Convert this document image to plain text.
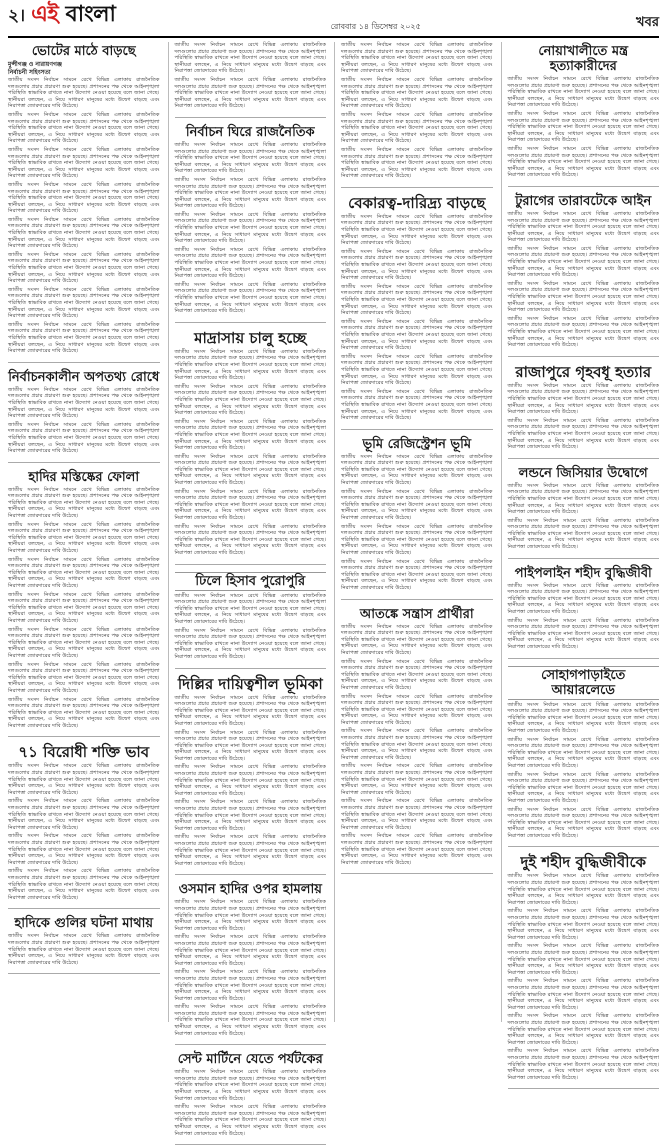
২। এই বাংলা	রোববার ১৪ ডিসেম্বর ২০২৫	খবর
ভোটের মাঠে বাড়ছে
মুন্সীগঞ্জ ও নারায়ণগঞ্জ
নির্বাচনী সহিংসতা

জাতীয় সংসদ নির্বাচন সামনে রেখে বিভিন্ন এলাকায় রাজনৈতিক দলগুলোর প্রচার প্রচারণা শুরু হয়েছে। প্রশাসনের পক্ষ থেকে আইনশৃঙ্খলা পরিস্থিতি স্বাভাবিক রাখতে নানা উদ্যোগ নেওয়া হয়েছে বলে জানা গেছে। স্থানীয়রা বলছেন, এ নিয়ে সাধারণ মানুষের মধ্যে উদ্বেগ বাড়ছে এবং নিরাপত্তা জোরদারের দাবি উঠেছে।

জাতীয় সংসদ নির্বাচন সামনে রেখে বিভিন্ন এলাকায় রাজনৈতিক দলগুলোর প্রচার প্রচারণা শুরু হয়েছে। প্রশাসনের পক্ষ থেকে আইনশৃঙ্খলা পরিস্থিতি স্বাভাবিক রাখতে নানা উদ্যোগ নেওয়া হয়েছে বলে জানা গেছে। স্থানীয়রা বলছেন, এ নিয়ে সাধারণ মানুষের মধ্যে উদ্বেগ বাড়ছে এবং নিরাপত্তা জোরদারের দাবি উঠেছে।

জাতীয় সংসদ নির্বাচন সামনে রেখে বিভিন্ন এলাকায় রাজনৈতিক দলগুলোর প্রচার প্রচারণা শুরু হয়েছে। প্রশাসনের পক্ষ থেকে আইনশৃঙ্খলা পরিস্থিতি স্বাভাবিক রাখতে নানা উদ্যোগ নেওয়া হয়েছে বলে জানা গেছে। স্থানীয়রা বলছেন, এ নিয়ে সাধারণ মানুষের মধ্যে উদ্বেগ বাড়ছে এবং নিরাপত্তা জোরদারের দাবি উঠেছে।

জাতীয় সংসদ নির্বাচন সামনে রেখে বিভিন্ন এলাকায় রাজনৈতিক দলগুলোর প্রচার প্রচারণা শুরু হয়েছে। প্রশাসনের পক্ষ থেকে আইনশৃঙ্খলা পরিস্থিতি স্বাভাবিক রাখতে নানা উদ্যোগ নেওয়া হয়েছে বলে জানা গেছে। স্থানীয়রা বলছেন, এ নিয়ে সাধারণ মানুষের মধ্যে উদ্বেগ বাড়ছে এবং নিরাপত্তা জোরদারের দাবি উঠেছে।

জাতীয় সংসদ নির্বাচন সামনে রেখে বিভিন্ন এলাকায় রাজনৈতিক দলগুলোর প্রচার প্রচারণা শুরু হয়েছে। প্রশাসনের পক্ষ থেকে আইনশৃঙ্খলা পরিস্থিতি স্বাভাবিক রাখতে নানা উদ্যোগ নেওয়া হয়েছে বলে জানা গেছে। স্থানীয়রা বলছেন, এ নিয়ে সাধারণ মানুষের মধ্যে উদ্বেগ বাড়ছে এবং নিরাপত্তা জোরদারের দাবি উঠেছে।

জাতীয় সংসদ নির্বাচন সামনে রেখে বিভিন্ন এলাকায় রাজনৈতিক দলগুলোর প্রচার প্রচারণা শুরু হয়েছে। প্রশাসনের পক্ষ থেকে আইনশৃঙ্খলা পরিস্থিতি স্বাভাবিক রাখতে নানা উদ্যোগ নেওয়া হয়েছে বলে জানা গেছে। স্থানীয়রা বলছেন, এ নিয়ে সাধারণ মানুষের মধ্যে উদ্বেগ বাড়ছে এবং নিরাপত্তা জোরদারের দাবি উঠেছে।

জাতীয় সংসদ নির্বাচন সামনে রেখে বিভিন্ন এলাকায় রাজনৈতিক দলগুলোর প্রচার প্রচারণা শুরু হয়েছে। প্রশাসনের পক্ষ থেকে আইনশৃঙ্খলা পরিস্থিতি স্বাভাবিক রাখতে নানা উদ্যোগ নেওয়া হয়েছে বলে জানা গেছে। স্থানীয়রা বলছেন, এ নিয়ে সাধারণ মানুষের মধ্যে উদ্বেগ বাড়ছে এবং নিরাপত্তা জোরদারের দাবি উঠেছে।

জাতীয় সংসদ নির্বাচন সামনে রেখে বিভিন্ন এলাকায় রাজনৈতিক দলগুলোর প্রচার প্রচারণা শুরু হয়েছে। প্রশাসনের পক্ষ থেকে আইনশৃঙ্খলা পরিস্থিতি স্বাভাবিক রাখতে নানা উদ্যোগ নেওয়া হয়েছে বলে জানা গেছে। স্থানীয়রা বলছেন, এ নিয়ে সাধারণ মানুষের মধ্যে উদ্বেগ বাড়ছে এবং নিরাপত্তা জোরদারের দাবি উঠেছে।

নির্বাচনকালীন অপতথ্য রোধে

জাতীয় সংসদ নির্বাচন সামনে রেখে বিভিন্ন এলাকায় রাজনৈতিক দলগুলোর প্রচার প্রচারণা শুরু হয়েছে। প্রশাসনের পক্ষ থেকে আইনশৃঙ্খলা পরিস্থিতি স্বাভাবিক রাখতে নানা উদ্যোগ নেওয়া হয়েছে বলে জানা গেছে। স্থানীয়রা বলছেন, এ নিয়ে সাধারণ মানুষের মধ্যে উদ্বেগ বাড়ছে এবং নিরাপত্তা জোরদারের দাবি উঠেছে।

জাতীয় সংসদ নির্বাচন সামনে রেখে বিভিন্ন এলাকায় রাজনৈতিক দলগুলোর প্রচার প্রচারণা শুরু হয়েছে। প্রশাসনের পক্ষ থেকে আইনশৃঙ্খলা পরিস্থিতি স্বাভাবিক রাখতে নানা উদ্যোগ নেওয়া হয়েছে বলে জানা গেছে। স্থানীয়রা বলছেন, এ নিয়ে সাধারণ মানুষের মধ্যে উদ্বেগ বাড়ছে এবং নিরাপত্তা জোরদারের দাবি উঠেছে।

হাদির মস্তিষ্কের ফোলা

জাতীয় সংসদ নির্বাচন সামনে রেখে বিভিন্ন এলাকায় রাজনৈতিক দলগুলোর প্রচার প্রচারণা শুরু হয়েছে। প্রশাসনের পক্ষ থেকে আইনশৃঙ্খলা পরিস্থিতি স্বাভাবিক রাখতে নানা উদ্যোগ নেওয়া হয়েছে বলে জানা গেছে। স্থানীয়রা বলছেন, এ নিয়ে সাধারণ মানুষের মধ্যে উদ্বেগ বাড়ছে এবং নিরাপত্তা জোরদারের দাবি উঠেছে।

জাতীয় সংসদ নির্বাচন সামনে রেখে বিভিন্ন এলাকায় রাজনৈতিক দলগুলোর প্রচার প্রচারণা শুরু হয়েছে। প্রশাসনের পক্ষ থেকে আইনশৃঙ্খলা পরিস্থিতি স্বাভাবিক রাখতে নানা উদ্যোগ নেওয়া হয়েছে বলে জানা গেছে। স্থানীয়রা বলছেন, এ নিয়ে সাধারণ মানুষের মধ্যে উদ্বেগ বাড়ছে এবং নিরাপত্তা জোরদারের দাবি উঠেছে।

জাতীয় সংসদ নির্বাচন সামনে রেখে বিভিন্ন এলাকায় রাজনৈতিক দলগুলোর প্রচার প্রচারণা শুরু হয়েছে। প্রশাসনের পক্ষ থেকে আইনশৃঙ্খলা পরিস্থিতি স্বাভাবিক রাখতে নানা উদ্যোগ নেওয়া হয়েছে বলে জানা গেছে। স্থানীয়রা বলছেন, এ নিয়ে সাধারণ মানুষের মধ্যে উদ্বেগ বাড়ছে এবং নিরাপত্তা জোরদারের দাবি উঠেছে।

জাতীয় সংসদ নির্বাচন সামনে রেখে বিভিন্ন এলাকায় রাজনৈতিক দলগুলোর প্রচার প্রচারণা শুরু হয়েছে। প্রশাসনের পক্ষ থেকে আইনশৃঙ্খলা পরিস্থিতি স্বাভাবিক রাখতে নানা উদ্যোগ নেওয়া হয়েছে বলে জানা গেছে। স্থানীয়রা বলছেন, এ নিয়ে সাধারণ মানুষের মধ্যে উদ্বেগ বাড়ছে এবং নিরাপত্তা জোরদারের দাবি উঠেছে।

জাতীয় সংসদ নির্বাচন সামনে রেখে বিভিন্ন এলাকায় রাজনৈতিক দলগুলোর প্রচার প্রচারণা শুরু হয়েছে। প্রশাসনের পক্ষ থেকে আইনশৃঙ্খলা পরিস্থিতি স্বাভাবিক রাখতে নানা উদ্যোগ নেওয়া হয়েছে বলে জানা গেছে। স্থানীয়রা বলছেন, এ নিয়ে সাধারণ মানুষের মধ্যে উদ্বেগ বাড়ছে এবং নিরাপত্তা জোরদারের দাবি উঠেছে।

জাতীয় সংসদ নির্বাচন সামনে রেখে বিভিন্ন এলাকায় রাজনৈতিক দলগুলোর প্রচার প্রচারণা শুরু হয়েছে। প্রশাসনের পক্ষ থেকে আইনশৃঙ্খলা পরিস্থিতি স্বাভাবিক রাখতে নানা উদ্যোগ নেওয়া হয়েছে বলে জানা গেছে। স্থানীয়রা বলছেন, এ নিয়ে সাধারণ মানুষের মধ্যে উদ্বেগ বাড়ছে এবং নিরাপত্তা জোরদারের দাবি উঠেছে।

জাতীয় সংসদ নির্বাচন সামনে রেখে বিভিন্ন এলাকায় রাজনৈতিক দলগুলোর প্রচার প্রচারণা শুরু হয়েছে। প্রশাসনের পক্ষ থেকে আইনশৃঙ্খলা পরিস্থিতি স্বাভাবিক রাখতে নানা উদ্যোগ নেওয়া হয়েছে বলে জানা গেছে। স্থানীয়রা বলছেন, এ নিয়ে সাধারণ মানুষের মধ্যে উদ্বেগ বাড়ছে এবং নিরাপত্তা জোরদারের দাবি উঠেছে।

৭১ বিরোধী শক্তি ভাব

জাতীয় সংসদ নির্বাচন সামনে রেখে বিভিন্ন এলাকায় রাজনৈতিক দলগুলোর প্রচার প্রচারণা শুরু হয়েছে। প্রশাসনের পক্ষ থেকে আইনশৃঙ্খলা পরিস্থিতি স্বাভাবিক রাখতে নানা উদ্যোগ নেওয়া হয়েছে বলে জানা গেছে। স্থানীয়রা বলছেন, এ নিয়ে সাধারণ মানুষের মধ্যে উদ্বেগ বাড়ছে এবং নিরাপত্তা জোরদারের দাবি উঠেছে।

জাতীয় সংসদ নির্বাচন সামনে রেখে বিভিন্ন এলাকায় রাজনৈতিক দলগুলোর প্রচার প্রচারণা শুরু হয়েছে। প্রশাসনের পক্ষ থেকে আইনশৃঙ্খলা পরিস্থিতি স্বাভাবিক রাখতে নানা উদ্যোগ নেওয়া হয়েছে বলে জানা গেছে। স্থানীয়রা বলছেন, এ নিয়ে সাধারণ মানুষের মধ্যে উদ্বেগ বাড়ছে এবং নিরাপত্তা জোরদারের দাবি উঠেছে।

জাতীয় সংসদ নির্বাচন সামনে রেখে বিভিন্ন এলাকায় রাজনৈতিক দলগুলোর প্রচার প্রচারণা শুরু হয়েছে। প্রশাসনের পক্ষ থেকে আইনশৃঙ্খলা পরিস্থিতি স্বাভাবিক রাখতে নানা উদ্যোগ নেওয়া হয়েছে বলে জানা গেছে। স্থানীয়রা বলছেন, এ নিয়ে সাধারণ মানুষের মধ্যে উদ্বেগ বাড়ছে এবং নিরাপত্তা জোরদারের দাবি উঠেছে।

জাতীয় সংসদ নির্বাচন সামনে রেখে বিভিন্ন এলাকায় রাজনৈতিক দলগুলোর প্রচার প্রচারণা শুরু হয়েছে। প্রশাসনের পক্ষ থেকে আইনশৃঙ্খলা পরিস্থিতি স্বাভাবিক রাখতে নানা উদ্যোগ নেওয়া হয়েছে বলে জানা গেছে। স্থানীয়রা বলছেন, এ নিয়ে সাধারণ মানুষের মধ্যে উদ্বেগ বাড়ছে এবং নিরাপত্তা জোরদারের দাবি উঠেছে।

হাদিকে গুলির ঘটনা মাথায়

জাতীয় সংসদ নির্বাচন সামনে রেখে বিভিন্ন এলাকায় রাজনৈতিক দলগুলোর প্রচার প্রচারণা শুরু হয়েছে। প্রশাসনের পক্ষ থেকে আইনশৃঙ্খলা পরিস্থিতি স্বাভাবিক রাখতে নানা উদ্যোগ নেওয়া হয়েছে বলে জানা গেছে। স্থানীয়রা বলছেন, এ নিয়ে সাধারণ মানুষের মধ্যে উদ্বেগ বাড়ছে এবং নিরাপত্তা জোরদারের দাবি উঠেছে।

জাতীয় সংসদ নির্বাচন সামনে রেখে বিভিন্ন এলাকায় রাজনৈতিক দলগুলোর প্রচার প্রচারণা শুরু হয়েছে। প্রশাসনের পক্ষ থেকে আইনশৃঙ্খলা পরিস্থিতি স্বাভাবিক রাখতে নানা উদ্যোগ নেওয়া হয়েছে বলে জানা গেছে। স্থানীয়রা বলছেন, এ নিয়ে সাধারণ মানুষের মধ্যে উদ্বেগ বাড়ছে এবং নিরাপত্তা জোরদারের দাবি উঠেছে।

জাতীয় সংসদ নির্বাচন সামনে রেখে বিভিন্ন এলাকায় রাজনৈতিক দলগুলোর প্রচার প্রচারণা শুরু হয়েছে। প্রশাসনের পক্ষ থেকে আইনশৃঙ্খলা পরিস্থিতি স্বাভাবিক রাখতে নানা উদ্যোগ নেওয়া হয়েছে বলে জানা গেছে। স্থানীয়রা বলছেন, এ নিয়ে সাধারণ মানুষের মধ্যে উদ্বেগ বাড়ছে এবং নিরাপত্তা জোরদারের দাবি উঠেছে।

নির্বাচন ঘিরে রাজনৈতিক

জাতীয় সংসদ নির্বাচন সামনে রেখে বিভিন্ন এলাকায় রাজনৈতিক দলগুলোর প্রচার প্রচারণা শুরু হয়েছে। প্রশাসনের পক্ষ থেকে আইনশৃঙ্খলা পরিস্থিতি স্বাভাবিক রাখতে নানা উদ্যোগ নেওয়া হয়েছে বলে জানা গেছে। স্থানীয়রা বলছেন, এ নিয়ে সাধারণ মানুষের মধ্যে উদ্বেগ বাড়ছে এবং নিরাপত্তা জোরদারের দাবি উঠেছে।

জাতীয় সংসদ নির্বাচন সামনে রেখে বিভিন্ন এলাকায় রাজনৈতিক দলগুলোর প্রচার প্রচারণা শুরু হয়েছে। প্রশাসনের পক্ষ থেকে আইনশৃঙ্খলা পরিস্থিতি স্বাভাবিক রাখতে নানা উদ্যোগ নেওয়া হয়েছে বলে জানা গেছে। স্থানীয়রা বলছেন, এ নিয়ে সাধারণ মানুষের মধ্যে উদ্বেগ বাড়ছে এবং নিরাপত্তা জোরদারের দাবি উঠেছে।

জাতীয় সংসদ নির্বাচন সামনে রেখে বিভিন্ন এলাকায় রাজনৈতিক দলগুলোর প্রচার প্রচারণা শুরু হয়েছে। প্রশাসনের পক্ষ থেকে আইনশৃঙ্খলা পরিস্থিতি স্বাভাবিক রাখতে নানা উদ্যোগ নেওয়া হয়েছে বলে জানা গেছে। স্থানীয়রা বলছেন, এ নিয়ে সাধারণ মানুষের মধ্যে উদ্বেগ বাড়ছে এবং নিরাপত্তা জোরদারের দাবি উঠেছে।

জাতীয় সংসদ নির্বাচন সামনে রেখে বিভিন্ন এলাকায় রাজনৈতিক দলগুলোর প্রচার প্রচারণা শুরু হয়েছে। প্রশাসনের পক্ষ থেকে আইনশৃঙ্খলা পরিস্থিতি স্বাভাবিক রাখতে নানা উদ্যোগ নেওয়া হয়েছে বলে জানা গেছে। স্থানীয়রা বলছেন, এ নিয়ে সাধারণ মানুষের মধ্যে উদ্বেগ বাড়ছে এবং নিরাপত্তা জোরদারের দাবি উঠেছে।

জাতীয় সংসদ নির্বাচন সামনে রেখে বিভিন্ন এলাকায় রাজনৈতিক দলগুলোর প্রচার প্রচারণা শুরু হয়েছে। প্রশাসনের পক্ষ থেকে আইনশৃঙ্খলা পরিস্থিতি স্বাভাবিক রাখতে নানা উদ্যোগ নেওয়া হয়েছে বলে জানা গেছে। স্থানীয়রা বলছেন, এ নিয়ে সাধারণ মানুষের মধ্যে উদ্বেগ বাড়ছে এবং নিরাপত্তা জোরদারের দাবি উঠেছে।

মাদ্রাসায় চালু হচ্ছে

জাতীয় সংসদ নির্বাচন সামনে রেখে বিভিন্ন এলাকায় রাজনৈতিক দলগুলোর প্রচার প্রচারণা শুরু হয়েছে। প্রশাসনের পক্ষ থেকে আইনশৃঙ্খলা পরিস্থিতি স্বাভাবিক রাখতে নানা উদ্যোগ নেওয়া হয়েছে বলে জানা গেছে। স্থানীয়রা বলছেন, এ নিয়ে সাধারণ মানুষের মধ্যে উদ্বেগ বাড়ছে এবং নিরাপত্তা জোরদারের দাবি উঠেছে।

জাতীয় সংসদ নির্বাচন সামনে রেখে বিভিন্ন এলাকায় রাজনৈতিক দলগুলোর প্রচার প্রচারণা শুরু হয়েছে। প্রশাসনের পক্ষ থেকে আইনশৃঙ্খলা পরিস্থিতি স্বাভাবিক রাখতে নানা উদ্যোগ নেওয়া হয়েছে বলে জানা গেছে। স্থানীয়রা বলছেন, এ নিয়ে সাধারণ মানুষের মধ্যে উদ্বেগ বাড়ছে এবং নিরাপত্তা জোরদারের দাবি উঠেছে।

জাতীয় সংসদ নির্বাচন সামনে রেখে বিভিন্ন এলাকায় রাজনৈতিক দলগুলোর প্রচার প্রচারণা শুরু হয়েছে। প্রশাসনের পক্ষ থেকে আইনশৃঙ্খলা পরিস্থিতি স্বাভাবিক রাখতে নানা উদ্যোগ নেওয়া হয়েছে বলে জানা গেছে। স্থানীয়রা বলছেন, এ নিয়ে সাধারণ মানুষের মধ্যে উদ্বেগ বাড়ছে এবং নিরাপত্তা জোরদারের দাবি উঠেছে।

জাতীয় সংসদ নির্বাচন সামনে রেখে বিভিন্ন এলাকায় রাজনৈতিক দলগুলোর প্রচার প্রচারণা শুরু হয়েছে। প্রশাসনের পক্ষ থেকে আইনশৃঙ্খলা পরিস্থিতি স্বাভাবিক রাখতে নানা উদ্যোগ নেওয়া হয়েছে বলে জানা গেছে। স্থানীয়রা বলছেন, এ নিয়ে সাধারণ মানুষের মধ্যে উদ্বেগ বাড়ছে এবং নিরাপত্তা জোরদারের দাবি উঠেছে।

জাতীয় সংসদ নির্বাচন সামনে রেখে বিভিন্ন এলাকায় রাজনৈতিক দলগুলোর প্রচার প্রচারণা শুরু হয়েছে। প্রশাসনের পক্ষ থেকে আইনশৃঙ্খলা পরিস্থিতি স্বাভাবিক রাখতে নানা উদ্যোগ নেওয়া হয়েছে বলে জানা গেছে। স্থানীয়রা বলছেন, এ নিয়ে সাধারণ মানুষের মধ্যে উদ্বেগ বাড়ছে এবং নিরাপত্তা জোরদারের দাবি উঠেছে।

জাতীয় সংসদ নির্বাচন সামনে রেখে বিভিন্ন এলাকায় রাজনৈতিক দলগুলোর প্রচার প্রচারণা শুরু হয়েছে। প্রশাসনের পক্ষ থেকে আইনশৃঙ্খলা পরিস্থিতি স্বাভাবিক রাখতে নানা উদ্যোগ নেওয়া হয়েছে বলে জানা গেছে। স্থানীয়রা বলছেন, এ নিয়ে সাধারণ মানুষের মধ্যে উদ্বেগ বাড়ছে এবং নিরাপত্তা জোরদারের দাবি উঠেছে।

ঢিলে হিসাব পুরোপুরি

জাতীয় সংসদ নির্বাচন সামনে রেখে বিভিন্ন এলাকায় রাজনৈতিক দলগুলোর প্রচার প্রচারণা শুরু হয়েছে। প্রশাসনের পক্ষ থেকে আইনশৃঙ্খলা পরিস্থিতি স্বাভাবিক রাখতে নানা উদ্যোগ নেওয়া হয়েছে বলে জানা গেছে। স্থানীয়রা বলছেন, এ নিয়ে সাধারণ মানুষের মধ্যে উদ্বেগ বাড়ছে এবং নিরাপত্তা জোরদারের দাবি উঠেছে।

জাতীয় সংসদ নির্বাচন সামনে রেখে বিভিন্ন এলাকায় রাজনৈতিক দলগুলোর প্রচার প্রচারণা শুরু হয়েছে। প্রশাসনের পক্ষ থেকে আইনশৃঙ্খলা পরিস্থিতি স্বাভাবিক রাখতে নানা উদ্যোগ নেওয়া হয়েছে বলে জানা গেছে। স্থানীয়রা বলছেন, এ নিয়ে সাধারণ মানুষের মধ্যে উদ্বেগ বাড়ছে এবং নিরাপত্তা জোরদারের দাবি উঠেছে।

দিল্লির দায়িত্বশীল ভূমিকা

জাতীয় সংসদ নির্বাচন সামনে রেখে বিভিন্ন এলাকায় রাজনৈতিক দলগুলোর প্রচার প্রচারণা শুরু হয়েছে। প্রশাসনের পক্ষ থেকে আইনশৃঙ্খলা পরিস্থিতি স্বাভাবিক রাখতে নানা উদ্যোগ নেওয়া হয়েছে বলে জানা গেছে। স্থানীয়রা বলছেন, এ নিয়ে সাধারণ মানুষের মধ্যে উদ্বেগ বাড়ছে এবং নিরাপত্তা জোরদারের দাবি উঠেছে।

জাতীয় সংসদ নির্বাচন সামনে রেখে বিভিন্ন এলাকায় রাজনৈতিক দলগুলোর প্রচার প্রচারণা শুরু হয়েছে। প্রশাসনের পক্ষ থেকে আইনশৃঙ্খলা পরিস্থিতি স্বাভাবিক রাখতে নানা উদ্যোগ নেওয়া হয়েছে বলে জানা গেছে। স্থানীয়রা বলছেন, এ নিয়ে সাধারণ মানুষের মধ্যে উদ্বেগ বাড়ছে এবং নিরাপত্তা জোরদারের দাবি উঠেছে।

জাতীয় সংসদ নির্বাচন সামনে রেখে বিভিন্ন এলাকায় রাজনৈতিক দলগুলোর প্রচার প্রচারণা শুরু হয়েছে। প্রশাসনের পক্ষ থেকে আইনশৃঙ্খলা পরিস্থিতি স্বাভাবিক রাখতে নানা উদ্যোগ নেওয়া হয়েছে বলে জানা গেছে। স্থানীয়রা বলছেন, এ নিয়ে সাধারণ মানুষের মধ্যে উদ্বেগ বাড়ছে এবং নিরাপত্তা জোরদারের দাবি উঠেছে।

জাতীয় সংসদ নির্বাচন সামনে রেখে বিভিন্ন এলাকায় রাজনৈতিক দলগুলোর প্রচার প্রচারণা শুরু হয়েছে। প্রশাসনের পক্ষ থেকে আইনশৃঙ্খলা পরিস্থিতি স্বাভাবিক রাখতে নানা উদ্যোগ নেওয়া হয়েছে বলে জানা গেছে। স্থানীয়রা বলছেন, এ নিয়ে সাধারণ মানুষের মধ্যে উদ্বেগ বাড়ছে এবং নিরাপত্তা জোরদারের দাবি উঠেছে।

জাতীয় সংসদ নির্বাচন সামনে রেখে বিভিন্ন এলাকায় রাজনৈতিক দলগুলোর প্রচার প্রচারণা শুরু হয়েছে। প্রশাসনের পক্ষ থেকে আইনশৃঙ্খলা পরিস্থিতি স্বাভাবিক রাখতে নানা উদ্যোগ নেওয়া হয়েছে বলে জানা গেছে। স্থানীয়রা বলছেন, এ নিয়ে সাধারণ মানুষের মধ্যে উদ্বেগ বাড়ছে এবং নিরাপত্তা জোরদারের দাবি উঠেছে।

ওসমান হাদির ওপর হামলায়

জাতীয় সংসদ নির্বাচন সামনে রেখে বিভিন্ন এলাকায় রাজনৈতিক দলগুলোর প্রচার প্রচারণা শুরু হয়েছে। প্রশাসনের পক্ষ থেকে আইনশৃঙ্খলা পরিস্থিতি স্বাভাবিক রাখতে নানা উদ্যোগ নেওয়া হয়েছে বলে জানা গেছে। স্থানীয়রা বলছেন, এ নিয়ে সাধারণ মানুষের মধ্যে উদ্বেগ বাড়ছে এবং নিরাপত্তা জোরদারের দাবি উঠেছে।

জাতীয় সংসদ নির্বাচন সামনে রেখে বিভিন্ন এলাকায় রাজনৈতিক দলগুলোর প্রচার প্রচারণা শুরু হয়েছে। প্রশাসনের পক্ষ থেকে আইনশৃঙ্খলা পরিস্থিতি স্বাভাবিক রাখতে নানা উদ্যোগ নেওয়া হয়েছে বলে জানা গেছে। স্থানীয়রা বলছেন, এ নিয়ে সাধারণ মানুষের মধ্যে উদ্বেগ বাড়ছে এবং নিরাপত্তা জোরদারের দাবি উঠেছে।

জাতীয় সংসদ নির্বাচন সামনে রেখে বিভিন্ন এলাকায় রাজনৈতিক দলগুলোর প্রচার প্রচারণা শুরু হয়েছে। প্রশাসনের পক্ষ থেকে আইনশৃঙ্খলা পরিস্থিতি স্বাভাবিক রাখতে নানা উদ্যোগ নেওয়া হয়েছে বলে জানা গেছে। স্থানীয়রা বলছেন, এ নিয়ে সাধারণ মানুষের মধ্যে উদ্বেগ বাড়ছে এবং নিরাপত্তা জোরদারের দাবি উঠেছে।

জাতীয় সংসদ নির্বাচন সামনে রেখে বিভিন্ন এলাকায় রাজনৈতিক দলগুলোর প্রচার প্রচারণা শুরু হয়েছে। প্রশাসনের পক্ষ থেকে আইনশৃঙ্খলা পরিস্থিতি স্বাভাবিক রাখতে নানা উদ্যোগ নেওয়া হয়েছে বলে জানা গেছে। স্থানীয়রা বলছেন, এ নিয়ে সাধারণ মানুষের মধ্যে উদ্বেগ বাড়ছে এবং নিরাপত্তা জোরদারের দাবি উঠেছে।

সেন্ট মার্টিনে যেতে পর্যটকের

জাতীয় সংসদ নির্বাচন সামনে রেখে বিভিন্ন এলাকায় রাজনৈতিক দলগুলোর প্রচার প্রচারণা শুরু হয়েছে। প্রশাসনের পক্ষ থেকে আইনশৃঙ্খলা পরিস্থিতি স্বাভাবিক রাখতে নানা উদ্যোগ নেওয়া হয়েছে বলে জানা গেছে। স্থানীয়রা বলছেন, এ নিয়ে সাধারণ মানুষের মধ্যে উদ্বেগ বাড়ছে এবং নিরাপত্তা জোরদারের দাবি উঠেছে।

জাতীয় সংসদ নির্বাচন সামনে রেখে বিভিন্ন এলাকায় রাজনৈতিক দলগুলোর প্রচার প্রচারণা শুরু হয়েছে। প্রশাসনের পক্ষ থেকে আইনশৃঙ্খলা পরিস্থিতি স্বাভাবিক রাখতে নানা উদ্যোগ নেওয়া হয়েছে বলে জানা গেছে। স্থানীয়রা বলছেন, এ নিয়ে সাধারণ মানুষের মধ্যে উদ্বেগ বাড়ছে এবং নিরাপত্তা জোরদারের দাবি উঠেছে।

জাতীয় সংসদ নির্বাচন সামনে রেখে বিভিন্ন এলাকায় রাজনৈতিক দলগুলোর প্রচার প্রচারণা শুরু হয়েছে। প্রশাসনের পক্ষ থেকে আইনশৃঙ্খলা পরিস্থিতি স্বাভাবিক রাখতে নানা উদ্যোগ নেওয়া হয়েছে বলে জানা গেছে। স্থানীয়রা বলছেন, এ নিয়ে সাধারণ মানুষের মধ্যে উদ্বেগ বাড়ছে এবং নিরাপত্তা জোরদারের দাবি উঠেছে।

জাতীয় সংসদ নির্বাচন সামনে রেখে বিভিন্ন এলাকায় রাজনৈতিক দলগুলোর প্রচার প্রচারণা শুরু হয়েছে। প্রশাসনের পক্ষ থেকে আইনশৃঙ্খলা পরিস্থিতি স্বাভাবিক রাখতে নানা উদ্যোগ নেওয়া হয়েছে বলে জানা গেছে। স্থানীয়রা বলছেন, এ নিয়ে সাধারণ মানুষের মধ্যে উদ্বেগ বাড়ছে এবং নিরাপত্তা জোরদারের দাবি উঠেছে।

জাতীয় সংসদ নির্বাচন সামনে রেখে বিভিন্ন এলাকায় রাজনৈতিক দলগুলোর প্রচার প্রচারণা শুরু হয়েছে। প্রশাসনের পক্ষ থেকে আইনশৃঙ্খলা পরিস্থিতি স্বাভাবিক রাখতে নানা উদ্যোগ নেওয়া হয়েছে বলে জানা গেছে। স্থানীয়রা বলছেন, এ নিয়ে সাধারণ মানুষের মধ্যে উদ্বেগ বাড়ছে এবং নিরাপত্তা জোরদারের দাবি উঠেছে।

জাতীয় সংসদ নির্বাচন সামনে রেখে বিভিন্ন এলাকায় রাজনৈতিক দলগুলোর প্রচার প্রচারণা শুরু হয়েছে। প্রশাসনের পক্ষ থেকে আইনশৃঙ্খলা পরিস্থিতি স্বাভাবিক রাখতে নানা উদ্যোগ নেওয়া হয়েছে বলে জানা গেছে। স্থানীয়রা বলছেন, এ নিয়ে সাধারণ মানুষের মধ্যে উদ্বেগ বাড়ছে এবং নিরাপত্তা জোরদারের দাবি উঠেছে।

বেকারত্ব-দারিদ্র্য বাড়ছে

জাতীয় সংসদ নির্বাচন সামনে রেখে বিভিন্ন এলাকায় রাজনৈতিক দলগুলোর প্রচার প্রচারণা শুরু হয়েছে। প্রশাসনের পক্ষ থেকে আইনশৃঙ্খলা পরিস্থিতি স্বাভাবিক রাখতে নানা উদ্যোগ নেওয়া হয়েছে বলে জানা গেছে। স্থানীয়রা বলছেন, এ নিয়ে সাধারণ মানুষের মধ্যে উদ্বেগ বাড়ছে এবং নিরাপত্তা জোরদারের দাবি উঠেছে।

জাতীয় সংসদ নির্বাচন সামনে রেখে বিভিন্ন এলাকায় রাজনৈতিক দলগুলোর প্রচার প্রচারণা শুরু হয়েছে। প্রশাসনের পক্ষ থেকে আইনশৃঙ্খলা পরিস্থিতি স্বাভাবিক রাখতে নানা উদ্যোগ নেওয়া হয়েছে বলে জানা গেছে। স্থানীয়রা বলছেন, এ নিয়ে সাধারণ মানুষের মধ্যে উদ্বেগ বাড়ছে এবং নিরাপত্তা জোরদারের দাবি উঠেছে।

জাতীয় সংসদ নির্বাচন সামনে রেখে বিভিন্ন এলাকায় রাজনৈতিক দলগুলোর প্রচার প্রচারণা শুরু হয়েছে। প্রশাসনের পক্ষ থেকে আইনশৃঙ্খলা পরিস্থিতি স্বাভাবিক রাখতে নানা উদ্যোগ নেওয়া হয়েছে বলে জানা গেছে। স্থানীয়রা বলছেন, এ নিয়ে সাধারণ মানুষের মধ্যে উদ্বেগ বাড়ছে এবং নিরাপত্তা জোরদারের দাবি উঠেছে।

জাতীয় সংসদ নির্বাচন সামনে রেখে বিভিন্ন এলাকায় রাজনৈতিক দলগুলোর প্রচার প্রচারণা শুরু হয়েছে। প্রশাসনের পক্ষ থেকে আইনশৃঙ্খলা পরিস্থিতি স্বাভাবিক রাখতে নানা উদ্যোগ নেওয়া হয়েছে বলে জানা গেছে। স্থানীয়রা বলছেন, এ নিয়ে সাধারণ মানুষের মধ্যে উদ্বেগ বাড়ছে এবং নিরাপত্তা জোরদারের দাবি উঠেছে।

জাতীয় সংসদ নির্বাচন সামনে রেখে বিভিন্ন এলাকায় রাজনৈতিক দলগুলোর প্রচার প্রচারণা শুরু হয়েছে। প্রশাসনের পক্ষ থেকে আইনশৃঙ্খলা পরিস্থিতি স্বাভাবিক রাখতে নানা উদ্যোগ নেওয়া হয়েছে বলে জানা গেছে। স্থানীয়রা বলছেন, এ নিয়ে সাধারণ মানুষের মধ্যে উদ্বেগ বাড়ছে এবং নিরাপত্তা জোরদারের দাবি উঠেছে।

জাতীয় সংসদ নির্বাচন সামনে রেখে বিভিন্ন এলাকায় রাজনৈতিক দলগুলোর প্রচার প্রচারণা শুরু হয়েছে। প্রশাসনের পক্ষ থেকে আইনশৃঙ্খলা পরিস্থিতি স্বাভাবিক রাখতে নানা উদ্যোগ নেওয়া হয়েছে বলে জানা গেছে। স্থানীয়রা বলছেন, এ নিয়ে সাধারণ মানুষের মধ্যে উদ্বেগ বাড়ছে এবং নিরাপত্তা জোরদারের দাবি উঠেছে।

ভূমি রেজিস্ট্রেশন ভূমি

জাতীয় সংসদ নির্বাচন সামনে রেখে বিভিন্ন এলাকায় রাজনৈতিক দলগুলোর প্রচার প্রচারণা শুরু হয়েছে। প্রশাসনের পক্ষ থেকে আইনশৃঙ্খলা পরিস্থিতি স্বাভাবিক রাখতে নানা উদ্যোগ নেওয়া হয়েছে বলে জানা গেছে। স্থানীয়রা বলছেন, এ নিয়ে সাধারণ মানুষের মধ্যে উদ্বেগ বাড়ছে এবং নিরাপত্তা জোরদারের দাবি উঠেছে।

জাতীয় সংসদ নির্বাচন সামনে রেখে বিভিন্ন এলাকায় রাজনৈতিক দলগুলোর প্রচার প্রচারণা শুরু হয়েছে। প্রশাসনের পক্ষ থেকে আইনশৃঙ্খলা পরিস্থিতি স্বাভাবিক রাখতে নানা উদ্যোগ নেওয়া হয়েছে বলে জানা গেছে। স্থানীয়রা বলছেন, এ নিয়ে সাধারণ মানুষের মধ্যে উদ্বেগ বাড়ছে এবং নিরাপত্তা জোরদারের দাবি উঠেছে।

জাতীয় সংসদ নির্বাচন সামনে রেখে বিভিন্ন এলাকায় রাজনৈতিক দলগুলোর প্রচার প্রচারণা শুরু হয়েছে। প্রশাসনের পক্ষ থেকে আইনশৃঙ্খলা পরিস্থিতি স্বাভাবিক রাখতে নানা উদ্যোগ নেওয়া হয়েছে বলে জানা গেছে। স্থানীয়রা বলছেন, এ নিয়ে সাধারণ মানুষের মধ্যে উদ্বেগ বাড়ছে এবং নিরাপত্তা জোরদারের দাবি উঠেছে।

জাতীয় সংসদ নির্বাচন সামনে রেখে বিভিন্ন এলাকায় রাজনৈতিক দলগুলোর প্রচার প্রচারণা শুরু হয়েছে। প্রশাসনের পক্ষ থেকে আইনশৃঙ্খলা পরিস্থিতি স্বাভাবিক রাখতে নানা উদ্যোগ নেওয়া হয়েছে বলে জানা গেছে। স্থানীয়রা বলছেন, এ নিয়ে সাধারণ মানুষের মধ্যে উদ্বেগ বাড়ছে এবং নিরাপত্তা জোরদারের দাবি উঠেছে।

আতঙ্কে সন্ত্রাস প্রার্থীরা

জাতীয় সংসদ নির্বাচন সামনে রেখে বিভিন্ন এলাকায় রাজনৈতিক দলগুলোর প্রচার প্রচারণা শুরু হয়েছে। প্রশাসনের পক্ষ থেকে আইনশৃঙ্খলা পরিস্থিতি স্বাভাবিক রাখতে নানা উদ্যোগ নেওয়া হয়েছে বলে জানা গেছে। স্থানীয়রা বলছেন, এ নিয়ে সাধারণ মানুষের মধ্যে উদ্বেগ বাড়ছে এবং নিরাপত্তা জোরদারের দাবি উঠেছে।

জাতীয় সংসদ নির্বাচন সামনে রেখে বিভিন্ন এলাকায় রাজনৈতিক দলগুলোর প্রচার প্রচারণা শুরু হয়েছে। প্রশাসনের পক্ষ থেকে আইনশৃঙ্খলা পরিস্থিতি স্বাভাবিক রাখতে নানা উদ্যোগ নেওয়া হয়েছে বলে জানা গেছে। স্থানীয়রা বলছেন, এ নিয়ে সাধারণ মানুষের মধ্যে উদ্বেগ বাড়ছে এবং নিরাপত্তা জোরদারের দাবি উঠেছে।

জাতীয় সংসদ নির্বাচন সামনে রেখে বিভিন্ন এলাকায় রাজনৈতিক দলগুলোর প্রচার প্রচারণা শুরু হয়েছে। প্রশাসনের পক্ষ থেকে আইনশৃঙ্খলা পরিস্থিতি স্বাভাবিক রাখতে নানা উদ্যোগ নেওয়া হয়েছে বলে জানা গেছে। স্থানীয়রা বলছেন, এ নিয়ে সাধারণ মানুষের মধ্যে উদ্বেগ বাড়ছে এবং নিরাপত্তা জোরদারের দাবি উঠেছে।

জাতীয় সংসদ নির্বাচন সামনে রেখে বিভিন্ন এলাকায় রাজনৈতিক দলগুলোর প্রচার প্রচারণা শুরু হয়েছে। প্রশাসনের পক্ষ থেকে আইনশৃঙ্খলা পরিস্থিতি স্বাভাবিক রাখতে নানা উদ্যোগ নেওয়া হয়েছে বলে জানা গেছে। স্থানীয়রা বলছেন, এ নিয়ে সাধারণ মানুষের মধ্যে উদ্বেগ বাড়ছে এবং নিরাপত্তা জোরদারের দাবি উঠেছে।

জাতীয় সংসদ নির্বাচন সামনে রেখে বিভিন্ন এলাকায় রাজনৈতিক দলগুলোর প্রচার প্রচারণা শুরু হয়েছে। প্রশাসনের পক্ষ থেকে আইনশৃঙ্খলা পরিস্থিতি স্বাভাবিক রাখতে নানা উদ্যোগ নেওয়া হয়েছে বলে জানা গেছে। স্থানীয়রা বলছেন, এ নিয়ে সাধারণ মানুষের মধ্যে উদ্বেগ বাড়ছে এবং নিরাপত্তা জোরদারের দাবি উঠেছে।

জাতীয় সংসদ নির্বাচন সামনে রেখে বিভিন্ন এলাকায় রাজনৈতিক দলগুলোর প্রচার প্রচারণা শুরু হয়েছে। প্রশাসনের পক্ষ থেকে আইনশৃঙ্খলা পরিস্থিতি স্বাভাবিক রাখতে নানা উদ্যোগ নেওয়া হয়েছে বলে জানা গেছে। স্থানীয়রা বলছেন, এ নিয়ে সাধারণ মানুষের মধ্যে উদ্বেগ বাড়ছে এবং নিরাপত্তা জোরদারের দাবি উঠেছে।

জাতীয় সংসদ নির্বাচন সামনে রেখে বিভিন্ন এলাকায় রাজনৈতিক দলগুলোর প্রচার প্রচারণা শুরু হয়েছে। প্রশাসনের পক্ষ থেকে আইনশৃঙ্খলা পরিস্থিতি স্বাভাবিক রাখতে নানা উদ্যোগ নেওয়া হয়েছে বলে জানা গেছে। স্থানীয়রা বলছেন, এ নিয়ে সাধারণ মানুষের মধ্যে উদ্বেগ বাড়ছে এবং নিরাপত্তা জোরদারের দাবি উঠেছে।

নোয়াখালীতে মন্ত্র হত্যাকারীদের

জাতীয় সংসদ নির্বাচন সামনে রেখে বিভিন্ন এলাকায় রাজনৈতিক দলগুলোর প্রচার প্রচারণা শুরু হয়েছে। প্রশাসনের পক্ষ থেকে আইনশৃঙ্খলা পরিস্থিতি স্বাভাবিক রাখতে নানা উদ্যোগ নেওয়া হয়েছে বলে জানা গেছে। স্থানীয়রা বলছেন, এ নিয়ে সাধারণ মানুষের মধ্যে উদ্বেগ বাড়ছে এবং নিরাপত্তা জোরদারের দাবি উঠেছে।

জাতীয় সংসদ নির্বাচন সামনে রেখে বিভিন্ন এলাকায় রাজনৈতিক দলগুলোর প্রচার প্রচারণা শুরু হয়েছে। প্রশাসনের পক্ষ থেকে আইনশৃঙ্খলা পরিস্থিতি স্বাভাবিক রাখতে নানা উদ্যোগ নেওয়া হয়েছে বলে জানা গেছে। স্থানীয়রা বলছেন, এ নিয়ে সাধারণ মানুষের মধ্যে উদ্বেগ বাড়ছে এবং নিরাপত্তা জোরদারের দাবি উঠেছে।

জাতীয় সংসদ নির্বাচন সামনে রেখে বিভিন্ন এলাকায় রাজনৈতিক দলগুলোর প্রচার প্রচারণা শুরু হয়েছে। প্রশাসনের পক্ষ থেকে আইনশৃঙ্খলা পরিস্থিতি স্বাভাবিক রাখতে নানা উদ্যোগ নেওয়া হয়েছে বলে জানা গেছে। স্থানীয়রা বলছেন, এ নিয়ে সাধারণ মানুষের মধ্যে উদ্বেগ বাড়ছে এবং নিরাপত্তা জোরদারের দাবি উঠেছে।

টুরাগের তারাবটেকে আইন

জাতীয় সংসদ নির্বাচন সামনে রেখে বিভিন্ন এলাকায় রাজনৈতিক দলগুলোর প্রচার প্রচারণা শুরু হয়েছে। প্রশাসনের পক্ষ থেকে আইনশৃঙ্খলা পরিস্থিতি স্বাভাবিক রাখতে নানা উদ্যোগ নেওয়া হয়েছে বলে জানা গেছে। স্থানীয়রা বলছেন, এ নিয়ে সাধারণ মানুষের মধ্যে উদ্বেগ বাড়ছে এবং নিরাপত্তা জোরদারের দাবি উঠেছে।

জাতীয় সংসদ নির্বাচন সামনে রেখে বিভিন্ন এলাকায় রাজনৈতিক দলগুলোর প্রচার প্রচারণা শুরু হয়েছে। প্রশাসনের পক্ষ থেকে আইনশৃঙ্খলা পরিস্থিতি স্বাভাবিক রাখতে নানা উদ্যোগ নেওয়া হয়েছে বলে জানা গেছে। স্থানীয়রা বলছেন, এ নিয়ে সাধারণ মানুষের মধ্যে উদ্বেগ বাড়ছে এবং নিরাপত্তা জোরদারের দাবি উঠেছে।

জাতীয় সংসদ নির্বাচন সামনে রেখে বিভিন্ন এলাকায় রাজনৈতিক দলগুলোর প্রচার প্রচারণা শুরু হয়েছে। প্রশাসনের পক্ষ থেকে আইনশৃঙ্খলা পরিস্থিতি স্বাভাবিক রাখতে নানা উদ্যোগ নেওয়া হয়েছে বলে জানা গেছে। স্থানীয়রা বলছেন, এ নিয়ে সাধারণ মানুষের মধ্যে উদ্বেগ বাড়ছে এবং নিরাপত্তা জোরদারের দাবি উঠেছে।

জাতীয় সংসদ নির্বাচন সামনে রেখে বিভিন্ন এলাকায় রাজনৈতিক দলগুলোর প্রচার প্রচারণা শুরু হয়েছে। প্রশাসনের পক্ষ থেকে আইনশৃঙ্খলা পরিস্থিতি স্বাভাবিক রাখতে নানা উদ্যোগ নেওয়া হয়েছে বলে জানা গেছে। স্থানীয়রা বলছেন, এ নিয়ে সাধারণ মানুষের মধ্যে উদ্বেগ বাড়ছে এবং নিরাপত্তা জোরদারের দাবি উঠেছে।

রাজাপুরে গৃহবধূ হত্যার

জাতীয় সংসদ নির্বাচন সামনে রেখে বিভিন্ন এলাকায় রাজনৈতিক দলগুলোর প্রচার প্রচারণা শুরু হয়েছে। প্রশাসনের পক্ষ থেকে আইনশৃঙ্খলা পরিস্থিতি স্বাভাবিক রাখতে নানা উদ্যোগ নেওয়া হয়েছে বলে জানা গেছে। স্থানীয়রা বলছেন, এ নিয়ে সাধারণ মানুষের মধ্যে উদ্বেগ বাড়ছে এবং নিরাপত্তা জোরদারের দাবি উঠেছে।

জাতীয় সংসদ নির্বাচন সামনে রেখে বিভিন্ন এলাকায় রাজনৈতিক দলগুলোর প্রচার প্রচারণা শুরু হয়েছে। প্রশাসনের পক্ষ থেকে আইনশৃঙ্খলা পরিস্থিতি স্বাভাবিক রাখতে নানা উদ্যোগ নেওয়া হয়েছে বলে জানা গেছে। স্থানীয়রা বলছেন, এ নিয়ে সাধারণ মানুষের মধ্যে উদ্বেগ বাড়ছে এবং নিরাপত্তা জোরদারের দাবি উঠেছে।

লন্ডনে জিসিয়ার উদ্বোগে

জাতীয় সংসদ নির্বাচন সামনে রেখে বিভিন্ন এলাকায় রাজনৈতিক দলগুলোর প্রচার প্রচারণা শুরু হয়েছে। প্রশাসনের পক্ষ থেকে আইনশৃঙ্খলা পরিস্থিতি স্বাভাবিক রাখতে নানা উদ্যোগ নেওয়া হয়েছে বলে জানা গেছে। স্থানীয়রা বলছেন, এ নিয়ে সাধারণ মানুষের মধ্যে উদ্বেগ বাড়ছে এবং নিরাপত্তা জোরদারের দাবি উঠেছে।

জাতীয় সংসদ নির্বাচন সামনে রেখে বিভিন্ন এলাকায় রাজনৈতিক দলগুলোর প্রচার প্রচারণা শুরু হয়েছে। প্রশাসনের পক্ষ থেকে আইনশৃঙ্খলা পরিস্থিতি স্বাভাবিক রাখতে নানা উদ্যোগ নেওয়া হয়েছে বলে জানা গেছে। স্থানীয়রা বলছেন, এ নিয়ে সাধারণ মানুষের মধ্যে উদ্বেগ বাড়ছে এবং নিরাপত্তা জোরদারের দাবি উঠেছে।

পাইপলাইন শহীদ বুদ্ধিজীবী

জাতীয় সংসদ নির্বাচন সামনে রেখে বিভিন্ন এলাকায় রাজনৈতিক দলগুলোর প্রচার প্রচারণা শুরু হয়েছে। প্রশাসনের পক্ষ থেকে আইনশৃঙ্খলা পরিস্থিতি স্বাভাবিক রাখতে নানা উদ্যোগ নেওয়া হয়েছে বলে জানা গেছে। স্থানীয়রা বলছেন, এ নিয়ে সাধারণ মানুষের মধ্যে উদ্বেগ বাড়ছে এবং নিরাপত্তা জোরদারের দাবি উঠেছে।

জাতীয় সংসদ নির্বাচন সামনে রেখে বিভিন্ন এলাকায় রাজনৈতিক দলগুলোর প্রচার প্রচারণা শুরু হয়েছে। প্রশাসনের পক্ষ থেকে আইনশৃঙ্খলা পরিস্থিতি স্বাভাবিক রাখতে নানা উদ্যোগ নেওয়া হয়েছে বলে জানা গেছে। স্থানীয়রা বলছেন, এ নিয়ে সাধারণ মানুষের মধ্যে উদ্বেগ বাড়ছে এবং নিরাপত্তা জোরদারের দাবি উঠেছে।

সোহাগপাড়াইতে আয়ারলেডে

জাতীয় সংসদ নির্বাচন সামনে রেখে বিভিন্ন এলাকায় রাজনৈতিক দলগুলোর প্রচার প্রচারণা শুরু হয়েছে। প্রশাসনের পক্ষ থেকে আইনশৃঙ্খলা পরিস্থিতি স্বাভাবিক রাখতে নানা উদ্যোগ নেওয়া হয়েছে বলে জানা গেছে। স্থানীয়রা বলছেন, এ নিয়ে সাধারণ মানুষের মধ্যে উদ্বেগ বাড়ছে এবং নিরাপত্তা জোরদারের দাবি উঠেছে।

জাতীয় সংসদ নির্বাচন সামনে রেখে বিভিন্ন এলাকায় রাজনৈতিক দলগুলোর প্রচার প্রচারণা শুরু হয়েছে। প্রশাসনের পক্ষ থেকে আইনশৃঙ্খলা পরিস্থিতি স্বাভাবিক রাখতে নানা উদ্যোগ নেওয়া হয়েছে বলে জানা গেছে। স্থানীয়রা বলছেন, এ নিয়ে সাধারণ মানুষের মধ্যে উদ্বেগ বাড়ছে এবং নিরাপত্তা জোরদারের দাবি উঠেছে।

জাতীয় সংসদ নির্বাচন সামনে রেখে বিভিন্ন এলাকায় রাজনৈতিক দলগুলোর প্রচার প্রচারণা শুরু হয়েছে। প্রশাসনের পক্ষ থেকে আইনশৃঙ্খলা পরিস্থিতি স্বাভাবিক রাখতে নানা উদ্যোগ নেওয়া হয়েছে বলে জানা গেছে। স্থানীয়রা বলছেন, এ নিয়ে সাধারণ মানুষের মধ্যে উদ্বেগ বাড়ছে এবং নিরাপত্তা জোরদারের দাবি উঠেছে।

জাতীয় সংসদ নির্বাচন সামনে রেখে বিভিন্ন এলাকায় রাজনৈতিক দলগুলোর প্রচার প্রচারণা শুরু হয়েছে। প্রশাসনের পক্ষ থেকে আইনশৃঙ্খলা পরিস্থিতি স্বাভাবিক রাখতে নানা উদ্যোগ নেওয়া হয়েছে বলে জানা গেছে। স্থানীয়রা বলছেন, এ নিয়ে সাধারণ মানুষের মধ্যে উদ্বেগ বাড়ছে এবং নিরাপত্তা জোরদারের দাবি উঠেছে।

দুই শহীদ বুদ্ধিজীবীকে

জাতীয় সংসদ নির্বাচন সামনে রেখে বিভিন্ন এলাকায় রাজনৈতিক দলগুলোর প্রচার প্রচারণা শুরু হয়েছে। প্রশাসনের পক্ষ থেকে আইনশৃঙ্খলা পরিস্থিতি স্বাভাবিক রাখতে নানা উদ্যোগ নেওয়া হয়েছে বলে জানা গেছে। স্থানীয়রা বলছেন, এ নিয়ে সাধারণ মানুষের মধ্যে উদ্বেগ বাড়ছে এবং নিরাপত্তা জোরদারের দাবি উঠেছে।

জাতীয় সংসদ নির্বাচন সামনে রেখে বিভিন্ন এলাকায় রাজনৈতিক দলগুলোর প্রচার প্রচারণা শুরু হয়েছে। প্রশাসনের পক্ষ থেকে আইনশৃঙ্খলা পরিস্থিতি স্বাভাবিক রাখতে নানা উদ্যোগ নেওয়া হয়েছে বলে জানা গেছে। স্থানীয়রা বলছেন, এ নিয়ে সাধারণ মানুষের মধ্যে উদ্বেগ বাড়ছে এবং নিরাপত্তা জোরদারের দাবি উঠেছে।

জাতীয় সংসদ নির্বাচন সামনে রেখে বিভিন্ন এলাকায় রাজনৈতিক দলগুলোর প্রচার প্রচারণা শুরু হয়েছে। প্রশাসনের পক্ষ থেকে আইনশৃঙ্খলা পরিস্থিতি স্বাভাবিক রাখতে নানা উদ্যোগ নেওয়া হয়েছে বলে জানা গেছে। স্থানীয়রা বলছেন, এ নিয়ে সাধারণ মানুষের মধ্যে উদ্বেগ বাড়ছে এবং নিরাপত্তা জোরদারের দাবি উঠেছে।

জাতীয় সংসদ নির্বাচন সামনে রেখে বিভিন্ন এলাকায় রাজনৈতিক দলগুলোর প্রচার প্রচারণা শুরু হয়েছে। প্রশাসনের পক্ষ থেকে আইনশৃঙ্খলা পরিস্থিতি স্বাভাবিক রাখতে নানা উদ্যোগ নেওয়া হয়েছে বলে জানা গেছে। স্থানীয়রা বলছেন, এ নিয়ে সাধারণ মানুষের মধ্যে উদ্বেগ বাড়ছে এবং নিরাপত্তা জোরদারের দাবি উঠেছে।

জাতীয় সংসদ নির্বাচন সামনে রেখে বিভিন্ন এলাকায় রাজনৈতিক দলগুলোর প্রচার প্রচারণা শুরু হয়েছে। প্রশাসনের পক্ষ থেকে আইনশৃঙ্খলা পরিস্থিতি স্বাভাবিক রাখতে নানা উদ্যোগ নেওয়া হয়েছে বলে জানা গেছে। স্থানীয়রা বলছেন, এ নিয়ে সাধারণ মানুষের মধ্যে উদ্বেগ বাড়ছে এবং নিরাপত্তা জোরদারের দাবি উঠেছে।

জাতীয় সংসদ নির্বাচন সামনে রেখে বিভিন্ন এলাকায় রাজনৈতিক দলগুলোর প্রচার প্রচারণা শুরু হয়েছে। প্রশাসনের পক্ষ থেকে আইনশৃঙ্খলা পরিস্থিতি স্বাভাবিক রাখতে নানা উদ্যোগ নেওয়া হয়েছে বলে জানা গেছে। স্থানীয়রা বলছেন, এ নিয়ে সাধারণ মানুষের মধ্যে উদ্বেগ বাড়ছে এবং নিরাপত্তা জোরদারের দাবি উঠেছে।
